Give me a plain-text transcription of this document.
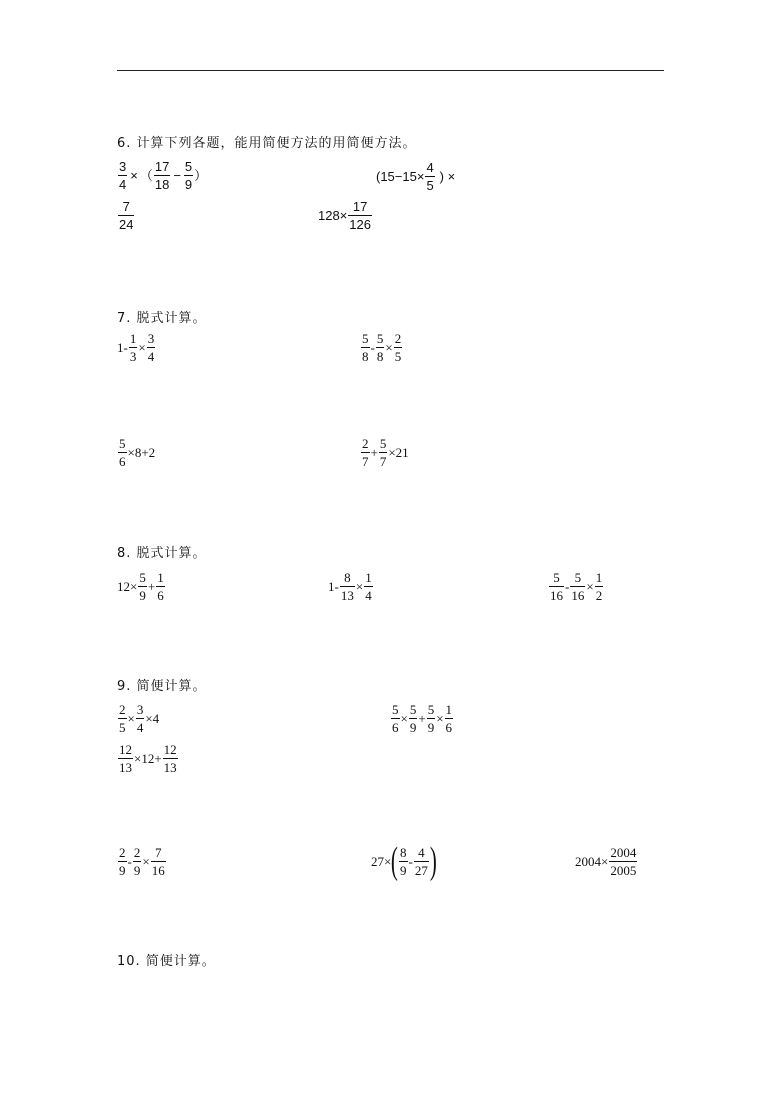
6. 计算下列各题，能用简便方法的用简便方法。
$\frac{3}{4}$ × （ $\frac{17}{18} - \frac{5}{9}$ ）	($15-15\times \frac{4}{5}$ ) ×
$\frac{7}{24}$	$128\times \frac{17}{126}$
7. 脱式计算。
$1 - \frac{1}{3} \times \frac{3}{4}$	$\frac{5}{8} - \frac{5}{8} \times \frac{2}{5}$
$\frac{5}{6} \times 8+2$	$\frac{2}{7} + \frac{5}{7} \times 21$
8. 脱式计算。
$12\times \frac{5}{9} + \frac{1}{6}$	$1 - \frac{8}{13} \times \frac{1}{4}$	$\frac{5}{16} - \frac{5}{16} \times \frac{1}{2}$
9. 简便计算。
$\frac{2}{5} \times \frac{3}{4} \times 4$	$\frac{5}{6} \times \frac{5}{9} + \frac{5}{9} \times \frac{1}{6}$
$\frac{12}{13} \times 12+ \frac{12}{13}$
$\frac{2}{9} - \frac{2}{9} \times \frac{7}{16}$	27× ( $\frac{8}{9} - \frac{4}{27}$ )	$2004\times \frac{2004}{2005}$
10. 简便计算。
